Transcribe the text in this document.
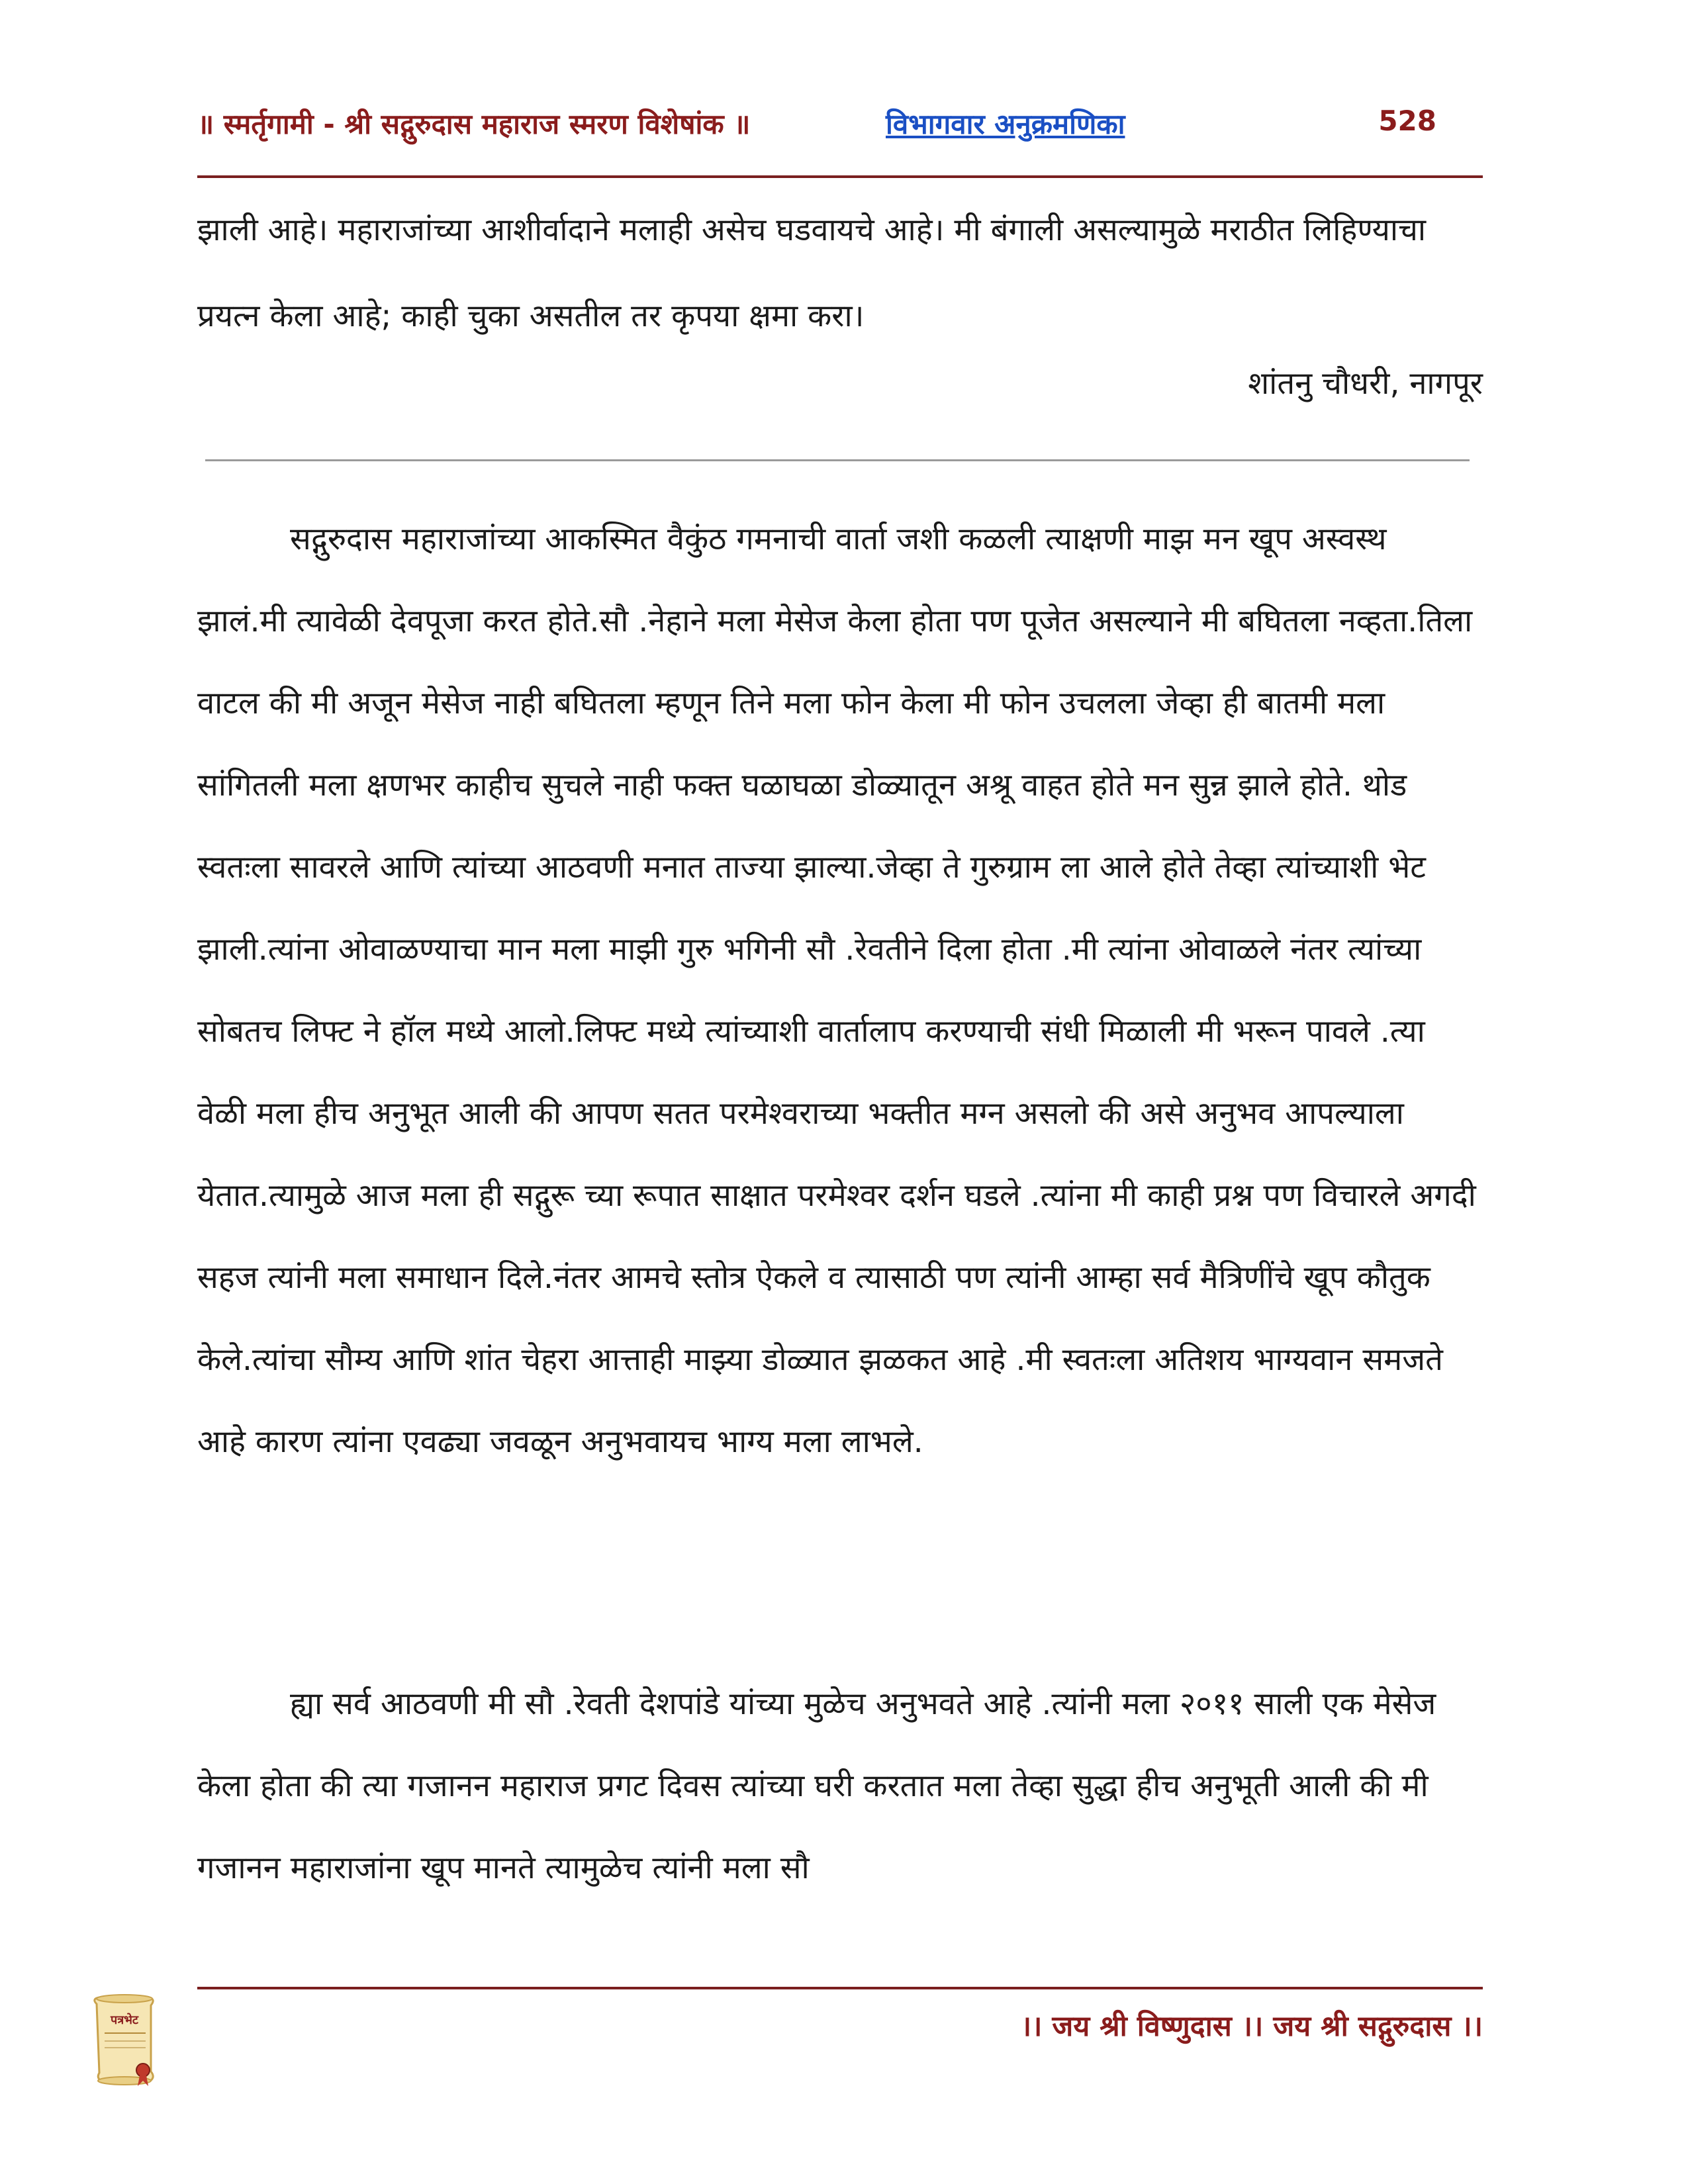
॥ स्मर्तृगामी - श्री सद्गुरुदास महाराज स्मरण विशेषांक ॥	विभागवार अनुक्रमणिका	528

झाली आहे। महाराजांच्या आशीर्वादाने मलाही असेच घडवायचे आहे। मी बंगाली असल्यामुळे मराठीत लिहिण्याचा प्रयत्न केला आहे; काही चुका असतील तर कृपया क्षमा करा।

शांतनु चौधरी, नागपूर

सद्गुरुदास महाराजांच्या आकस्मित वैकुंठ गमनाची वार्ता जशी कळली त्याक्षणी माझ मन खूप अस्वस्थ झालं.मी त्यावेळी देवपूजा करत होते.सौ .नेहाने मला मेसेज केला होता पण पूजेत असल्याने मी बघितला नव्हता.तिला वाटल की मी अजून मेसेज नाही बघितला म्हणून तिने मला फोन केला मी फोन उचलला जेव्हा ही बातमी मला सांगितली मला क्षणभर काहीच सुचले नाही फक्त घळाघळा डोळ्यातून अश्रू वाहत होते मन सुन्न झाले होते. थोड स्वतःला सावरले आणि त्यांच्या आठवणी मनात ताज्या झाल्या.जेव्हा ते गुरुग्राम ला आले होते तेव्हा त्यांच्याशी भेट झाली.त्यांना ओवाळण्याचा मान मला माझी गुरु भगिनी सौ .रेवतीने दिला होता .मी त्यांना ओवाळले नंतर त्यांच्या सोबतच लिफ्ट ने हॉल मध्ये आलो.लिफ्ट मध्ये त्यांच्याशी वार्तालाप करण्याची संधी मिळाली मी भरून पावले .त्या वेळी मला हीच अनुभूत आली की आपण सतत परमेश्वराच्या भक्तीत मग्न असलो की असे अनुभव आपल्याला येतात.त्यामुळे आज मला ही सद्गुरू च्या रूपात साक्षात परमेश्वर दर्शन घडले .त्यांना मी काही प्रश्न पण विचारले अगदी सहज त्यांनी मला समाधान दिले.नंतर आमचे स्तोत्र ऐकले व त्यासाठी पण त्यांनी आम्हा सर्व मैत्रिणींचे खूप कौतुक केले.त्यांचा सौम्य आणि शांत चेहरा आत्ताही माझ्या डोळ्यात झळकत आहे .मी स्वतःला अतिशय भाग्यवान समजते आहे कारण त्यांना एवढ्या जवळून अनुभवायच भाग्य मला लाभले.

ह्या सर्व आठवणी मी सौ .रेवती देशपांडे यांच्या मुळेच अनुभवते आहे .त्यांनी मला २०११ साली एक मेसेज केला होता की त्या गजानन महाराज प्रगट दिवस त्यांच्या घरी करतात मला तेव्हा सुद्धा हीच अनुभूती आली की मी गजानन महाराजांना खूप मानते त्यामुळेच त्यांनी मला सौ

पत्रभेट	।। जय श्री विष्णुदास ।। जय श्री सद्गुरुदास ।।
